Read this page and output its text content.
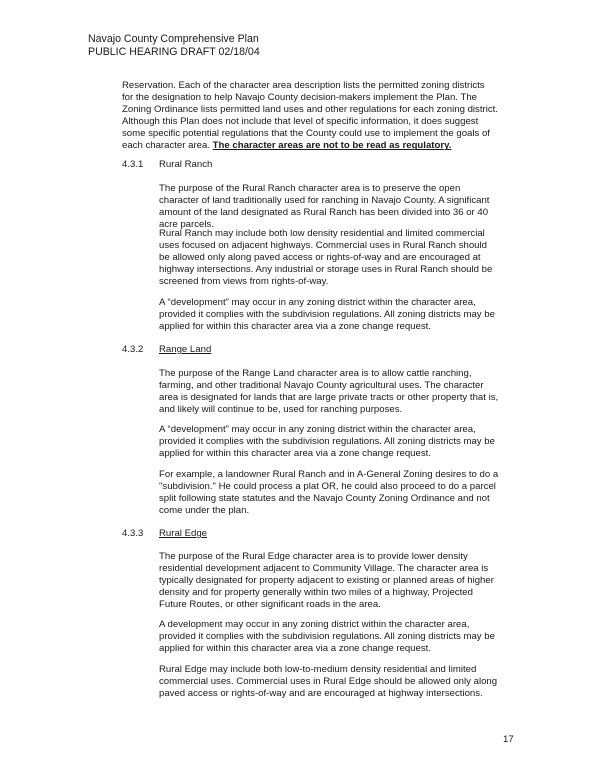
Navajo County Comprehensive Plan
PUBLIC HEARING DRAFT 02/18/04
Reservation. Each of the character area description lists the permitted zoning districts for the designation to help Navajo County decision-makers implement the Plan. The Zoning Ordinance lists permitted land uses and other regulations for each zoning district. Although this Plan does not include that level of specific information, it does suggest some specific potential regulations that the County could use to implement the goals of each character area. The character areas are not to be read as regulatory.
4.3.1 Rural Ranch
The purpose of the Rural Ranch character area is to preserve the open character of land traditionally used for ranching in Navajo County. A significant amount of the land designated as Rural Ranch has been divided into 36 or 40 acre parcels.
Rural Ranch may include both low density residential and limited commercial uses focused on adjacent highways. Commercial uses in Rural Ranch should be allowed only along paved access or rights-of-way and are encouraged at highway intersections. Any industrial or storage uses in Rural Ranch should be screened from views from rights-of-way.
A “development” may occur in any zoning district within the character area, provided it complies with the subdivision regulations. All zoning districts may be applied for within this character area via a zone change request.
4.3.2 Range Land
The purpose of the Range Land character area is to allow cattle ranching, farming, and other traditional Navajo County agricultural uses. The character area is designated for lands that are large private tracts or other property that is, and likely will continue to be, used for ranching purposes.
A “development” may occur in any zoning district within the character area, provided it complies with the subdivision regulations. All zoning districts may be applied for within this character area via a zone change request.
For example, a landowner Rural Ranch and in A-General Zoning desires to do a "subdivision." He could process a plat OR, he could also proceed to do a parcel split following state statutes and the Navajo County Zoning Ordinance and not come under the plan.
4.3.3 Rural Edge
The purpose of the Rural Edge character area is to provide lower density residential development adjacent to Community Village. The character area is typically designated for property adjacent to existing or planned areas of higher density and for property generally within two miles of a highway, Projected Future Routes, or other significant roads in the area.
A development may occur in any zoning district within the character area, provided it complies with the subdivision regulations. All zoning districts may be applied for within this character area via a zone change request.
Rural Edge may include both low-to-medium density residential and limited commercial uses. Commercial uses in Rural Edge should be allowed only along paved access or rights-of-way and are encouraged at highway intersections.
17
